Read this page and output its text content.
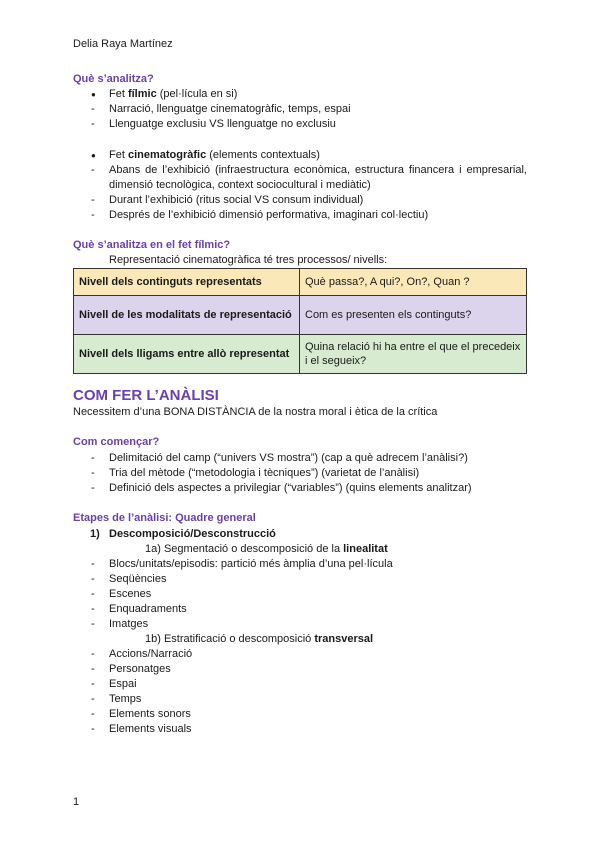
Delia Raya Martínez
Què s’analitza?
● Fet fílmic (pel·lícula en si)
- Narració, llenguatge cinematogràfic, temps, espai
- Llenguatge exclusiu VS llenguatge no exclusiu
● Fet cinematogràfic (elements contextuals)
- Abans de l’exhibició (infraestructura econòmica, estructura financera i empresarial, dimensió tecnològica, context sociocultural i mediàtic)
- Durant l’exhibició (ritus social VS consum individual)
- Després de l’exhibició dimensió performativa, imaginari col·lectiu)
Què s’analitza en el fet fílmic?
Representació cinematogràfica té tres processos/ nivells:
Nivell dels continguts representats	Què passa?, A qui?, On?, Quan ?
Nivell de les modalitats de representació	Com es presenten els continguts?
Nivell dels lligams entre allò representat	Quina relació hi ha entre el que el precedeix i el segueix?
COM FER L’ANÀLISI
Necessitem d’una BONA DISTÀNCIA de la nostra moral i ètica de la crítica
Com començar?
- Delimitació del camp (“univers VS mostra”) (cap a què adrecem l’anàlisi?)
- Tria del mètode (“metodologia i tècniques”) (varietat de l’anàlisi)
- Definició dels aspectes a privilegiar (“variables”) (quins elements analitzar)
Etapes de l’anàlisi: Quadre general
1) Descomposició/Desconstrucció
1a) Segmentació o descomposició de la linealitat
- Blocs/unitats/episodis: partició més àmplia d’una pel·lícula
- Seqüències
- Escenes
- Enquadraments
- Imatges
1b) Estratificació o descomposició transversal
- Accions/Narració
- Personatges
- Espai
- Temps
- Elements sonors
- Elements visuals
1
